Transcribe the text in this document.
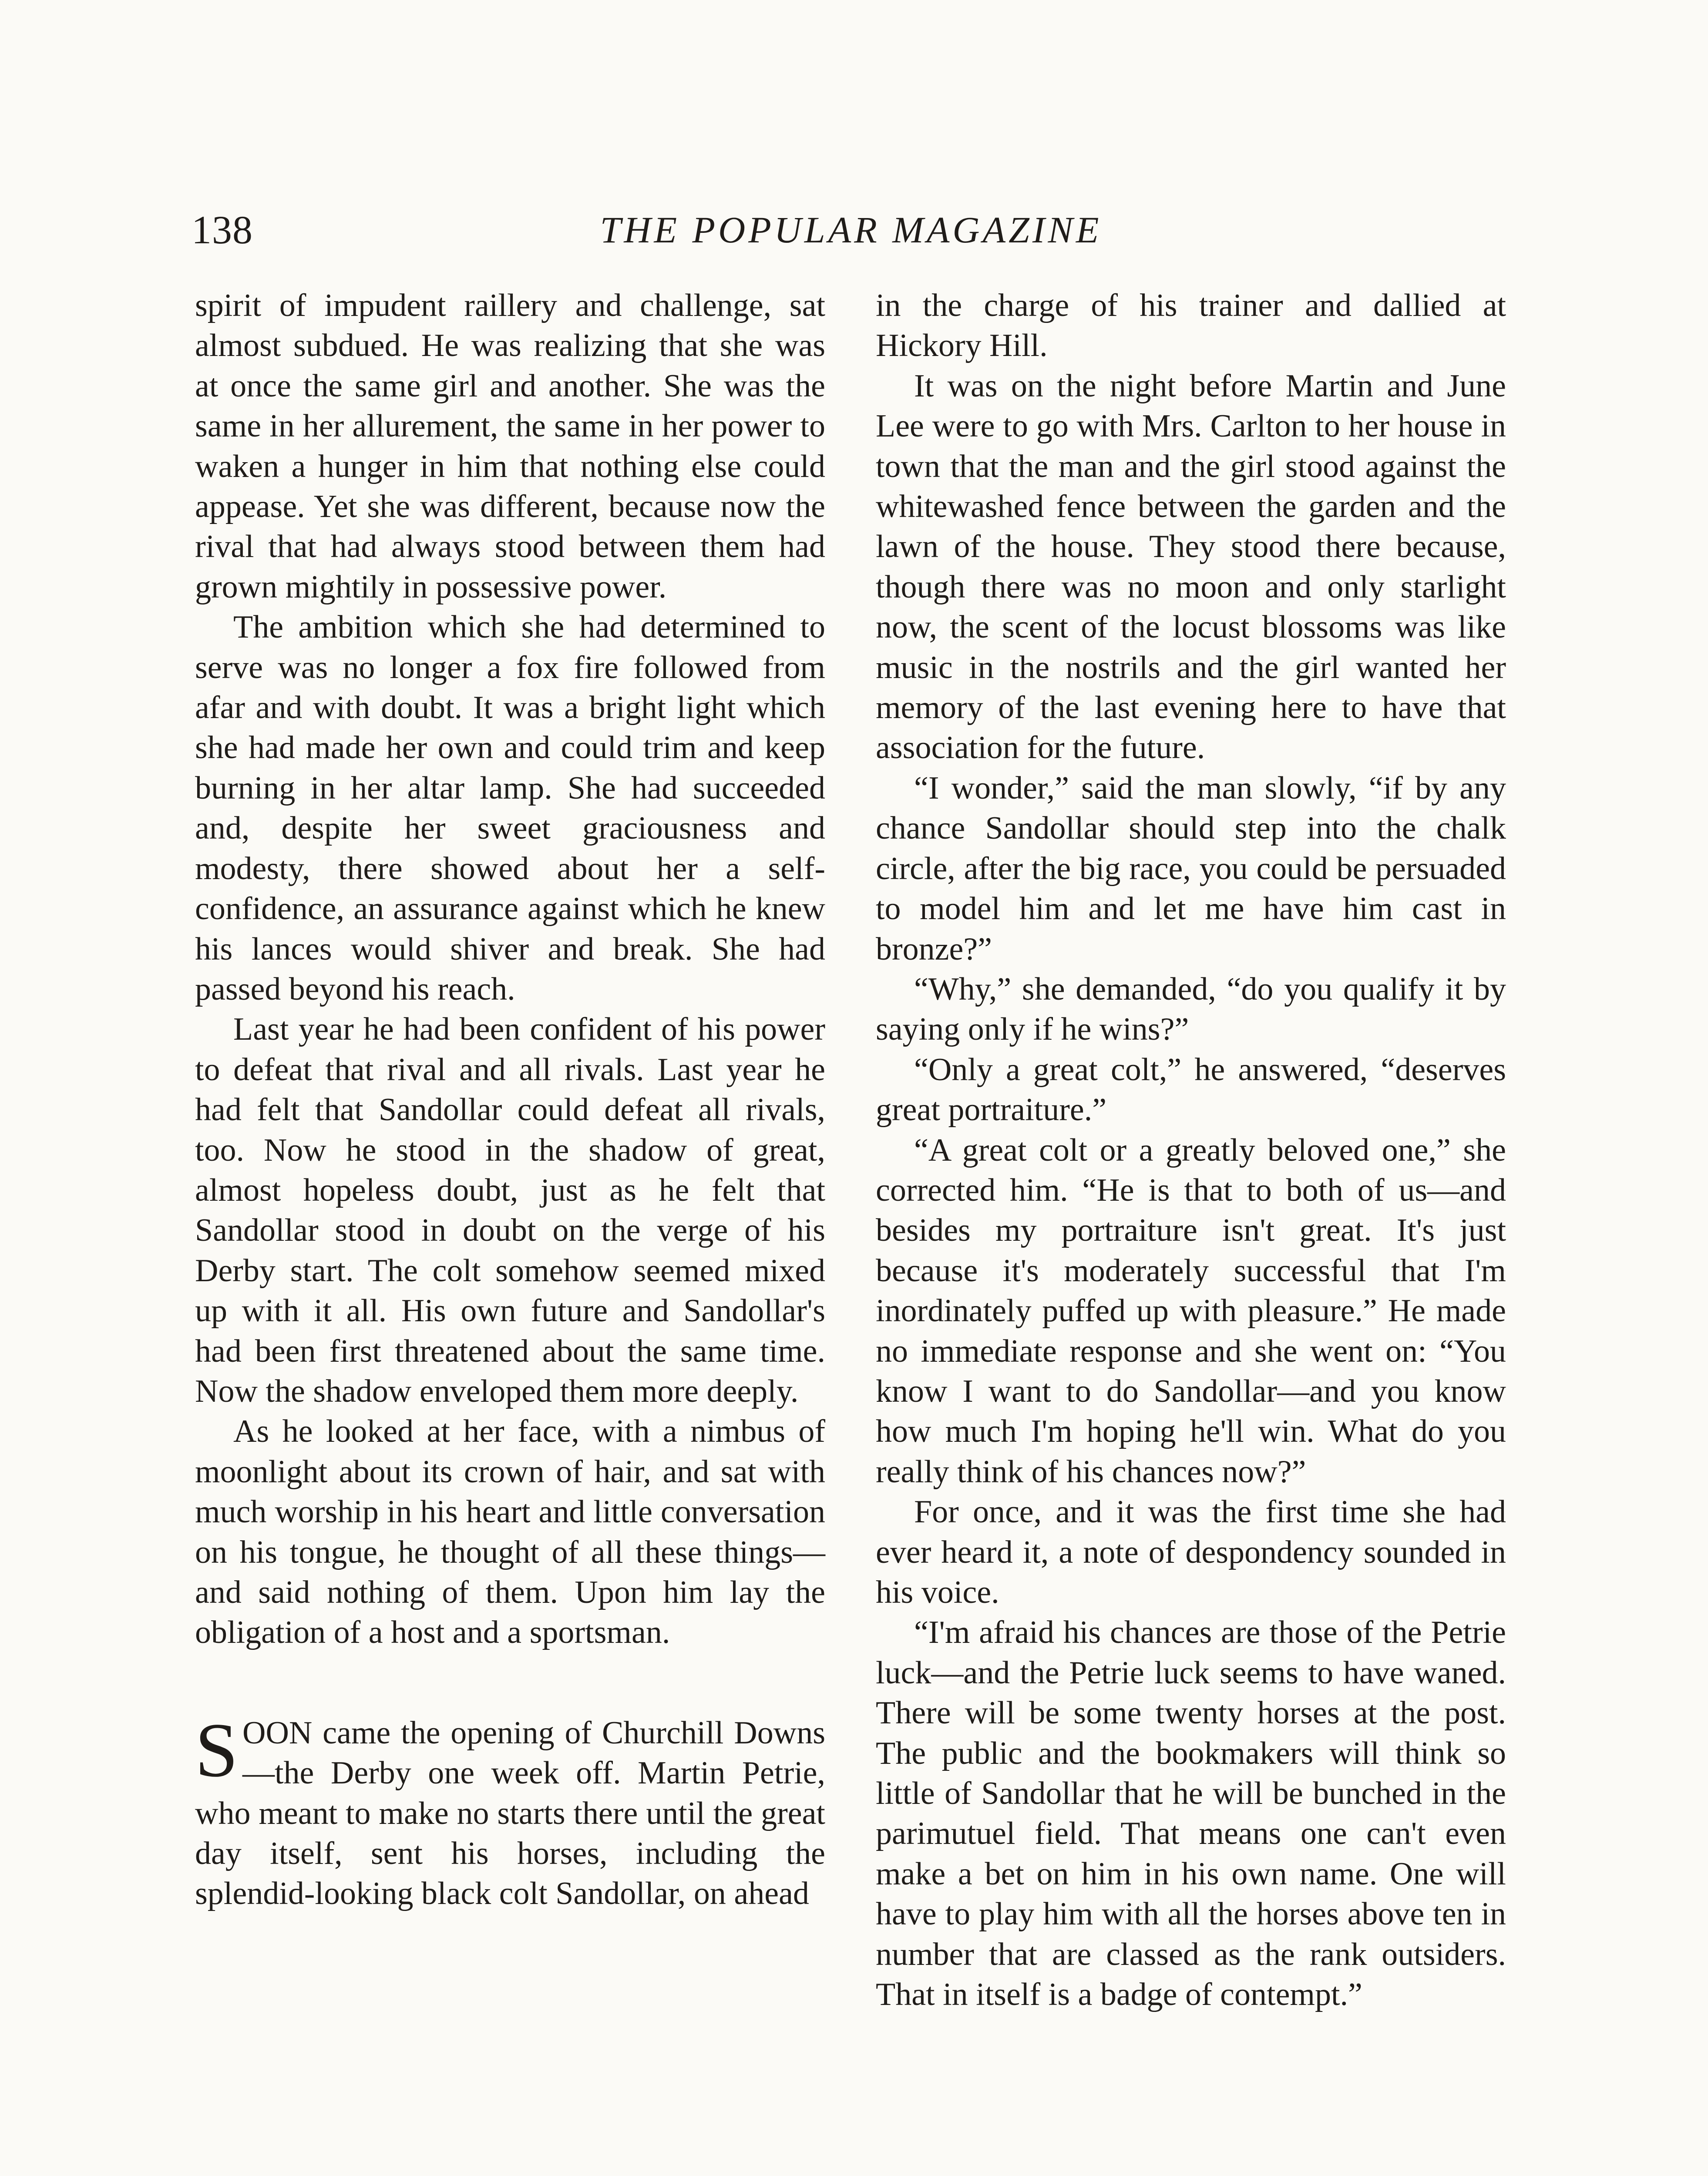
138	THE POPULAR MAGAZINE

spirit of impudent raillery and challenge, sat almost subdued. He was realizing that she was at once the same girl and another. She was the same in her allurement, the same in her power to waken a hunger in him that nothing else could appease. Yet she was different, because now the rival that had always stood between them had grown mightily in possessive power.

The ambition which she had determined to serve was no longer a fox fire followed from afar and with doubt. It was a bright light which she had made her own and could trim and keep burning in her altar lamp. She had succeeded and, despite her sweet graciousness and modesty, there showed about her a self-confidence, an assurance against which he knew his lances would shiver and break. She had passed beyond his reach.

Last year he had been confident of his power to defeat that rival and all rivals. Last year he had felt that Sandollar could defeat all rivals, too. Now he stood in the shadow of great, almost hopeless doubt, just as he felt that Sandollar stood in doubt on the verge of his Derby start. The colt somehow seemed mixed up with it all. His own future and Sandollar's had been first threatened about the same time. Now the shadow enveloped them more deeply.

As he looked at her face, with a nimbus of moonlight about its crown of hair, and sat with much worship in his heart and little conversation on his tongue, he thought of all these things—and said nothing of them. Upon him lay the obligation of a host and a sportsman.

SOON came the opening of Churchill Downs—the Derby one week off. Martin Petrie, who meant to make no starts there until the great day itself, sent his horses, including the splendid-looking black colt Sandollar, on ahead

in the charge of his trainer and dallied at Hickory Hill.

It was on the night before Martin and June Lee were to go with Mrs. Carlton to her house in town that the man and the girl stood against the whitewashed fence between the garden and the lawn of the house. They stood there because, though there was no moon and only starlight now, the scent of the locust blossoms was like music in the nostrils and the girl wanted her memory of the last evening here to have that association for the future.

“I wonder,” said the man slowly, “if by any chance Sandollar should step into the chalk circle, after the big race, you could be persuaded to model him and let me have him cast in bronze?”

“Why,” she demanded, “do you qualify it by saying only if he wins?”

“Only a great colt,” he answered, “deserves great portraiture.”

“A great colt or a greatly beloved one,” she corrected him. “He is that to both of us—and besides my portraiture isn't great. It's just because it's moderately successful that I'm inordinately puffed up with pleasure.” He made no immediate response and she went on: “You know I want to do Sandollar—and you know how much I'm hoping he'll win. What do you really think of his chances now?”

For once, and it was the first time she had ever heard it, a note of despondency sounded in his voice.

“I'm afraid his chances are those of the Petrie luck—and the Petrie luck seems to have waned. There will be some twenty horses at the post. The public and the bookmakers will think so little of Sandollar that he will be bunched in the parimutuel field. That means one can't even make a bet on him in his own name. One will have to play him with all the horses above ten in number that are classed as the rank outsiders. That in itself is a badge of contempt.”
